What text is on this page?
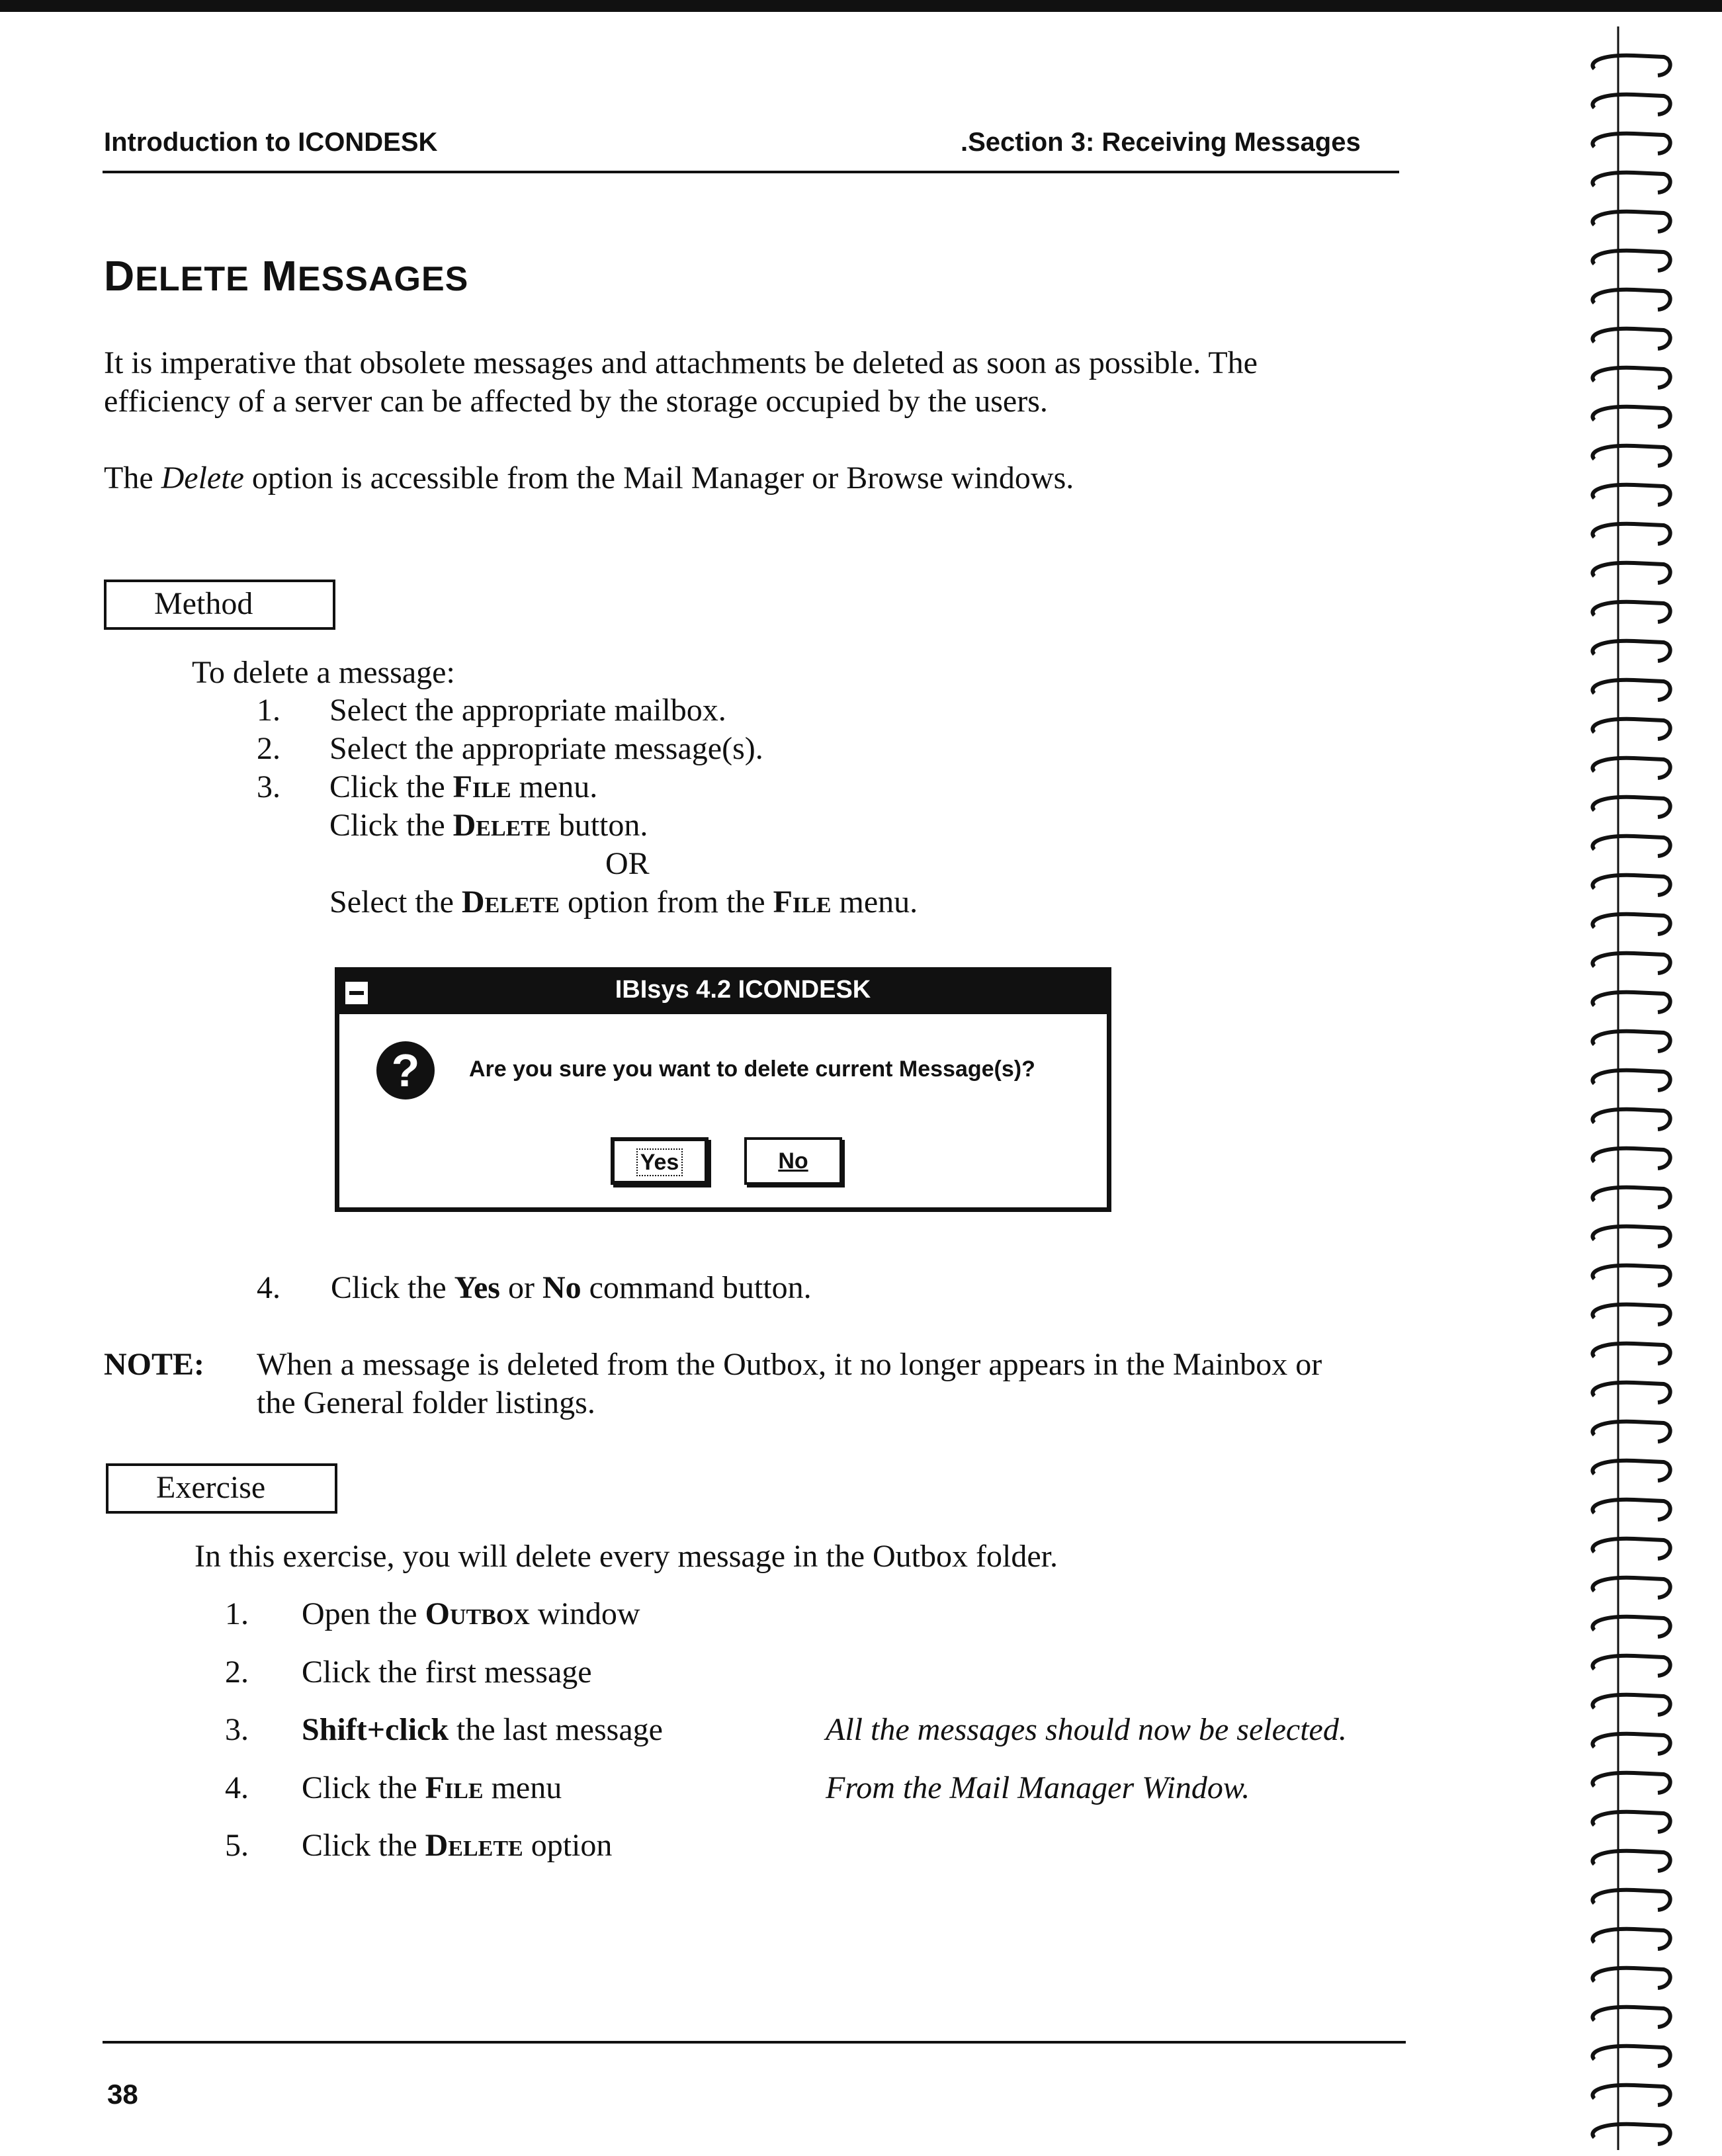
Introduction to ICONDESK	.Section 3: Receiving Messages
DELETE MESSAGES
It is imperative that obsolete messages and attachments be deleted as soon as possible. The
efficiency of a server can be affected by the storage occupied by the users.
The Delete option is accessible from the Mail Manager or Browse windows.
Method
To delete a message:
1. Select the appropriate mailbox.
2. Select the appropriate message(s).
3. Click the File menu.
Click the Delete button.
OR
Select the Delete option from the File menu.
IBIsys 4.2 ICONDESK
?	Are you sure you want to delete current Message(s)?
Yes	No
4. Click the Yes or No command button.
NOTE: When a message is deleted from the Outbox, it no longer appears in the Mainbox or
the General folder listings.
Exercise
In this exercise, you will delete every message in the Outbox folder.
1. Open the Outbox window
2. Click the first message
3. Shift+click the last message	All the messages should now be selected.
4. Click the File menu	From the Mail Manager Window.
5. Click the Delete option
38
